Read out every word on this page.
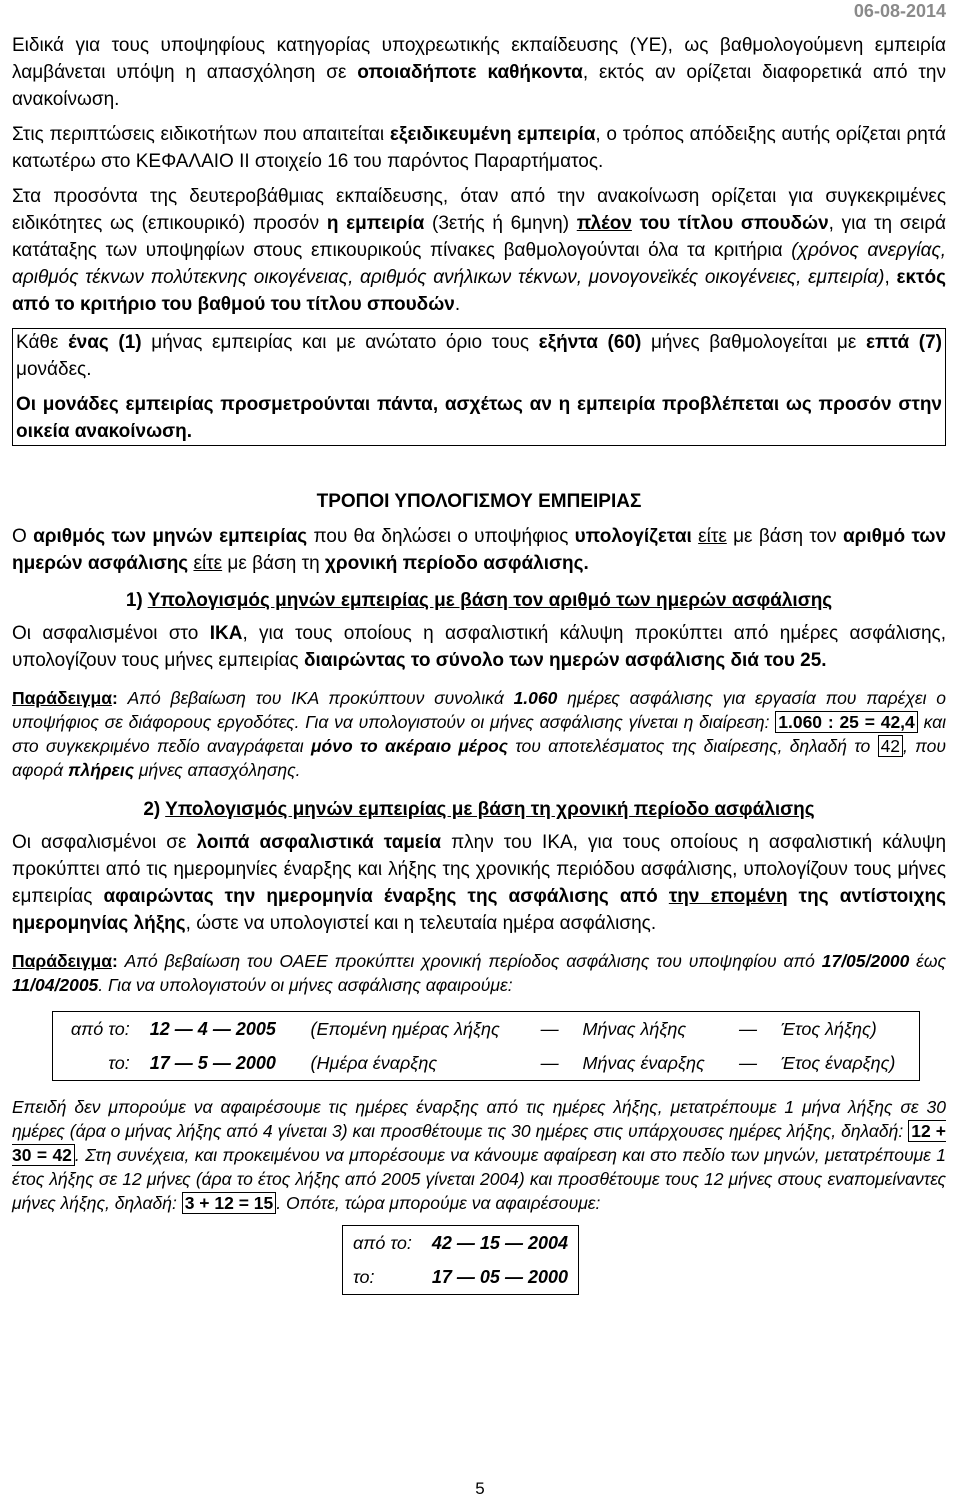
06-08-2014

Ειδικά για τους υποψηφίους κατηγορίας υποχρεωτικής εκπαίδευσης (ΥΕ), ως βαθμολογούμενη εμπειρία λαμβάνεται υπόψη η απασχόληση σε οποιαδήποτε καθήκοντα, εκτός αν ορίζεται διαφορετικά από την ανακοίνωση.

Στις περιπτώσεις ειδικοτήτων που απαιτείται εξειδικευμένη εμπειρία, ο τρόπος απόδειξης αυτής ορίζεται ρητά κατωτέρω στο ΚΕΦΑΛΑΙΟ ΙΙ στοιχείο 16 του παρόντος Παραρτήματος.

Στα προσόντα της δευτεροβάθμιας εκπαίδευσης, όταν από την ανακοίνωση ορίζεται για συγκεκριμένες ειδικότητες ως (επικουρικό) προσόν η εμπειρία (3ετής ή 6μηνη) πλέον του τίτλου σπουδών, για τη σειρά κατάταξης των υποψηφίων στους επικουρικούς πίνακες βαθμολογούνται όλα τα κριτήρια (χρόνος ανεργίας, αριθμός τέκνων πολύτεκνης οικογένειας, αριθμός ανήλικων τέκνων, μονογονεϊκές οικογένειες, εμπειρία), εκτός από το κριτήριο του βαθμού του τίτλου σπουδών.

Κάθε ένας (1) μήνας εμπειρίας και με ανώτατο όριο τους εξήντα (60) μήνες βαθμολογείται με επτά (7) μονάδες.

Οι μονάδες εμπειρίας προσμετρούνται πάντα, ασχέτως αν η εμπειρία προβλέπεται ως προσόν στην οικεία ανακοίνωση.

ΤΡΟΠΟΙ ΥΠΟΛΟΓΙΣΜΟΥ ΕΜΠΕΙΡΙΑΣ

Ο αριθμός των μηνών εμπειρίας που θα δηλώσει ο υποψήφιος υπολογίζεται είτε με βάση τον αριθμό των ημερών ασφάλισης είτε με βάση τη χρονική περίοδο ασφάλισης.

1) Υπολογισμός μηνών εμπειρίας με βάση τον αριθμό των ημερών ασφάλισης

Οι ασφαλισμένοι στο ΙΚΑ, για τους οποίους η ασφαλιστική κάλυψη προκύπτει από ημέρες ασφάλισης, υπολογίζουν τους μήνες εμπειρίας διαιρώντας το σύνολο των ημερών ασφάλισης διά του 25.

Παράδειγμα: Από βεβαίωση του ΙΚΑ προκύπτουν συνολικά 1.060 ημέρες ασφάλισης για εργασία που παρέχει ο υποψήφιος σε διάφορους εργοδότες. Για να υπολογιστούν οι μήνες ασφάλισης γίνεται η διαίρεση: 1.060 : 25 = 42,4 και στο συγκεκριμένο πεδίο αναγράφεται μόνο το ακέραιο μέρος του αποτελέσματος της διαίρεσης, δηλαδή το 42 , που αφορά πλήρεις μήνες απασχόλησης.

2) Υπολογισμός μηνών εμπειρίας με βάση τη χρονική περίοδο ασφάλισης

Οι ασφαλισμένοι σε λοιπά ασφαλιστικά ταμεία πλην του ΙΚΑ, για τους οποίους η ασφαλιστική κάλυψη προκύπτει από τις ημερομηνίες έναρξης και λήξης της χρονικής περιόδου ασφάλισης, υπολογίζουν τους μήνες εμπειρίας αφαιρώντας την ημερομηνία έναρξης της ασφάλισης από την επομένη της αντίστοιχης ημερομηνίας λήξης, ώστε να υπολογιστεί και η τελευταία ημέρα ασφάλισης.

Παράδειγμα: Από βεβαίωση του ΟΑΕΕ προκύπτει χρονική περίοδος ασφάλισης του υποψηφίου από 17/05/2000 έως 11/04/2005. Για να υπολογιστούν οι μήνες ασφάλισης αφαιρούμε:

από το:	12 — 4 — 2005	(Επομένη ημέρας λήξης	—	Μήνας λήξης	—	Έτος λήξης)
το:	17 — 5 — 2000	(Ημέρα έναρξης	—	Μήνας έναρξης	—	Έτος έναρξης)

Επειδή δεν μπορούμε να αφαιρέσουμε τις ημέρες έναρξης από τις ημέρες λήξης, μετατρέπουμε 1 μήνα λήξης σε 30 ημέρες (άρα ο μήνας λήξης από 4 γίνεται 3) και προσθέτουμε τις 30 ημέρες στις υπάρχουσες ημέρες λήξης, δηλαδή: 12 + 30 = 42 . Στη συνέχεια, και προκειμένου να μπορέσουμε να κάνουμε αφαίρεση και στο πεδίο των μηνών, μετατρέπουμε 1 έτος λήξης σε 12 μήνες (άρα το έτος λήξης από 2005 γίνεται 2004) και προσθέτουμε τους 12 μήνες στους εναπομείναντες μήνες λήξης, δηλαδή: 3 + 12 = 15 . Οπότε, τώρα μπορούμε να αφαιρέσουμε:

από το:	42 — 15 — 2004
το:	17 — 05 — 2000
5
